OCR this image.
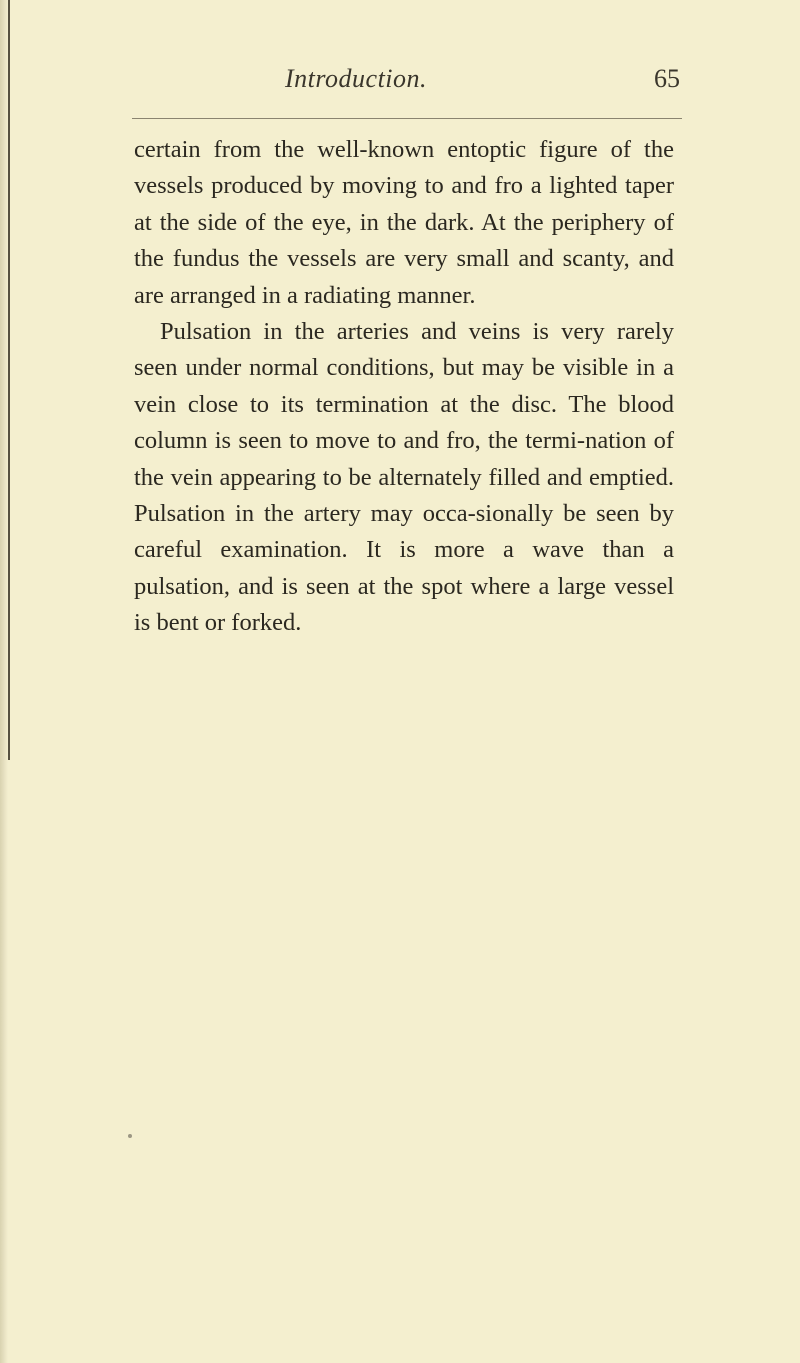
Introduction.	65

certain from the well-known entoptic figure of the vessels produced by moving to and fro a lighted taper at the side of the eye, in the dark. At the periphery of the fundus the vessels are very small and scanty, and are arranged in a radiating manner.

Pulsation in the arteries and veins is very rarely seen under normal conditions, but may be visible in a vein close to its termination at the disc. The blood column is seen to move to and fro, the termi-nation of the vein appearing to be alternately filled and emptied. Pulsation in the artery may occa-sionally be seen by careful examination. It is more a wave than a pulsation, and is seen at the spot where a large vessel is bent or forked.
